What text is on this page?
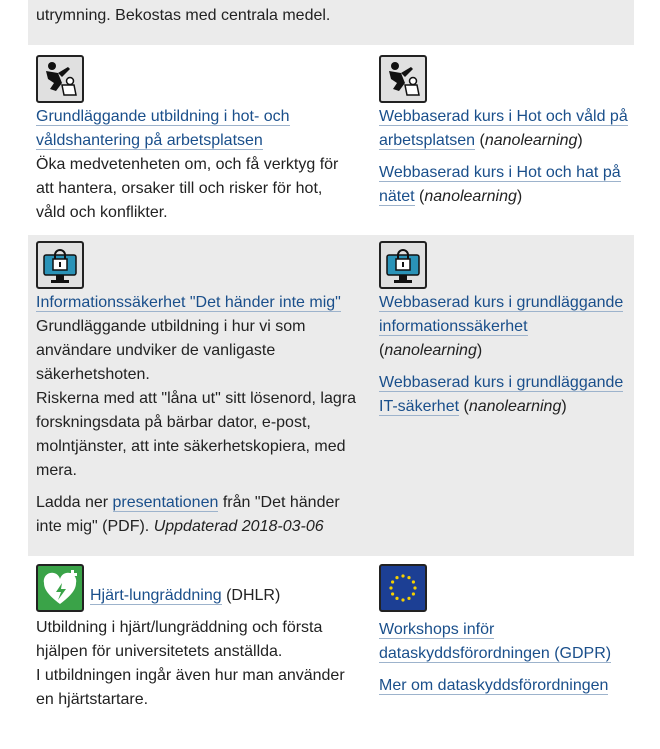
utrymning. Bekostas med centrala medel.

Grundläggande utbildning i hot- och våldshantering på arbetsplatsen

Öka medvetenheten om, och få verktyg för att hantera, orsaker till och risker för hot, våld och konflikter.

Webbaserad kurs i Hot och våld på arbetsplatsen (nanolearning)

Webbaserad kurs i Hot och hat på nätet (nanolearning)

Informationssäkerhet "Det händer inte mig"

Grundläggande utbildning i hur vi som användare undviker de vanligaste säkerhetshoten.

Riskerna med att "låna ut" sitt lösenord, lagra forskningsdata på bärbar dator, e-post, molntjänster, att inte säkerhetskopiera, med mera.

Ladda ner presentationen från "Det händer inte mig" (PDF). Uppdaterad 2018-03-06

Webbaserad kurs i grundläggande informationssäkerhet (nanolearning)

Webbaserad kurs i grundläggande IT-säkerhet (nanolearning)

Hjärt-lungräddning (DHLR)

Utbildning i hjärt/lungräddning och första hjälpen för universitetets anställda.

I utbildningen ingår även hur man använder en hjärtstartare.

Workshops inför dataskyddsförordningen (GDPR)

Mer om dataskyddsförordningen
